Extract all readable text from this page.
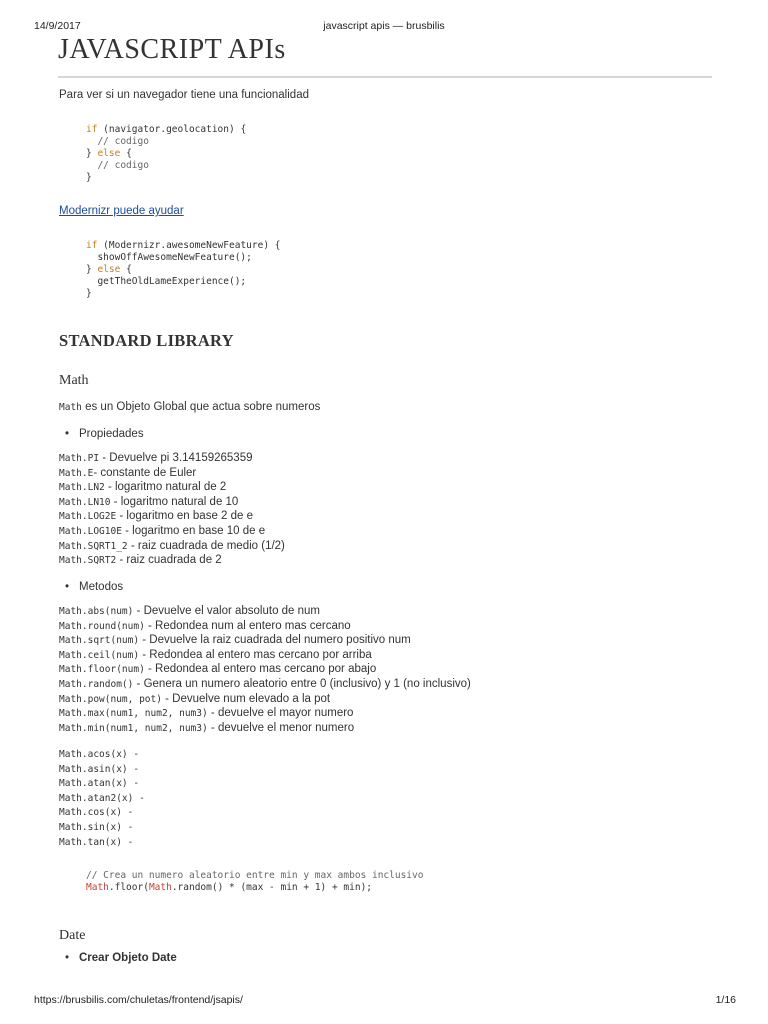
14/9/2017	javascript apis — brusbilis
JAVASCRIPT APIs
Para ver si un navegador tiene una funcionalidad
if (navigator.geolocation) {
// codigo
} else {
// codigo
}
Modernizr puede ayudar
if (Modernizr.awesomeNewFeature) {
showOffAwesomeNewFeature();
} else {
getTheOldLameExperience();
}
STANDARD LIBRARY
Math
Math es un Objeto Global que actua sobre numeros
• Propiedades
Math.PI - Devuelve pi 3.14159265359
Math.E- constante de Euler
Math.LN2 - logaritmo natural de 2
Math.LN10 - logaritmo natural de 10
Math.LOG2E - logaritmo en base 2 de e
Math.LOG10E - logaritmo en base 10 de e
Math.SQRT1_2 - raiz cuadrada de medio (1/2)
Math.SQRT2 - raiz cuadrada de 2
• Metodos
Math.abs(num) - Devuelve el valor absoluto de num
Math.round(num) - Redondea num al entero mas cercano
Math.sqrt(num) - Devuelve la raiz cuadrada del numero positivo num
Math.ceil(num) - Redondea al entero mas cercano por arriba
Math.floor(num) - Redondea al entero mas cercano por abajo
Math.random() - Genera un numero aleatorio entre 0 (inclusivo) y 1 (no inclusivo)
Math.pow(num, pot) - Devuelve num elevado a la pot
Math.max(num1, num2, num3) - devuelve el mayor numero
Math.min(num1, num2, num3) - devuelve el menor numero
Math.acos(x) -
Math.asin(x) -
Math.atan(x) -
Math.atan2(x) -
Math.cos(x) -
Math.sin(x) -
Math.tan(x) -
// Crea un numero aleatorio entre min y max ambos inclusivo
Math.floor(Math.random() * (max - min + 1) + min);
Date
• Crear Objeto Date
https://brusbilis.com/chuletas/frontend/jsapis/	1/16
